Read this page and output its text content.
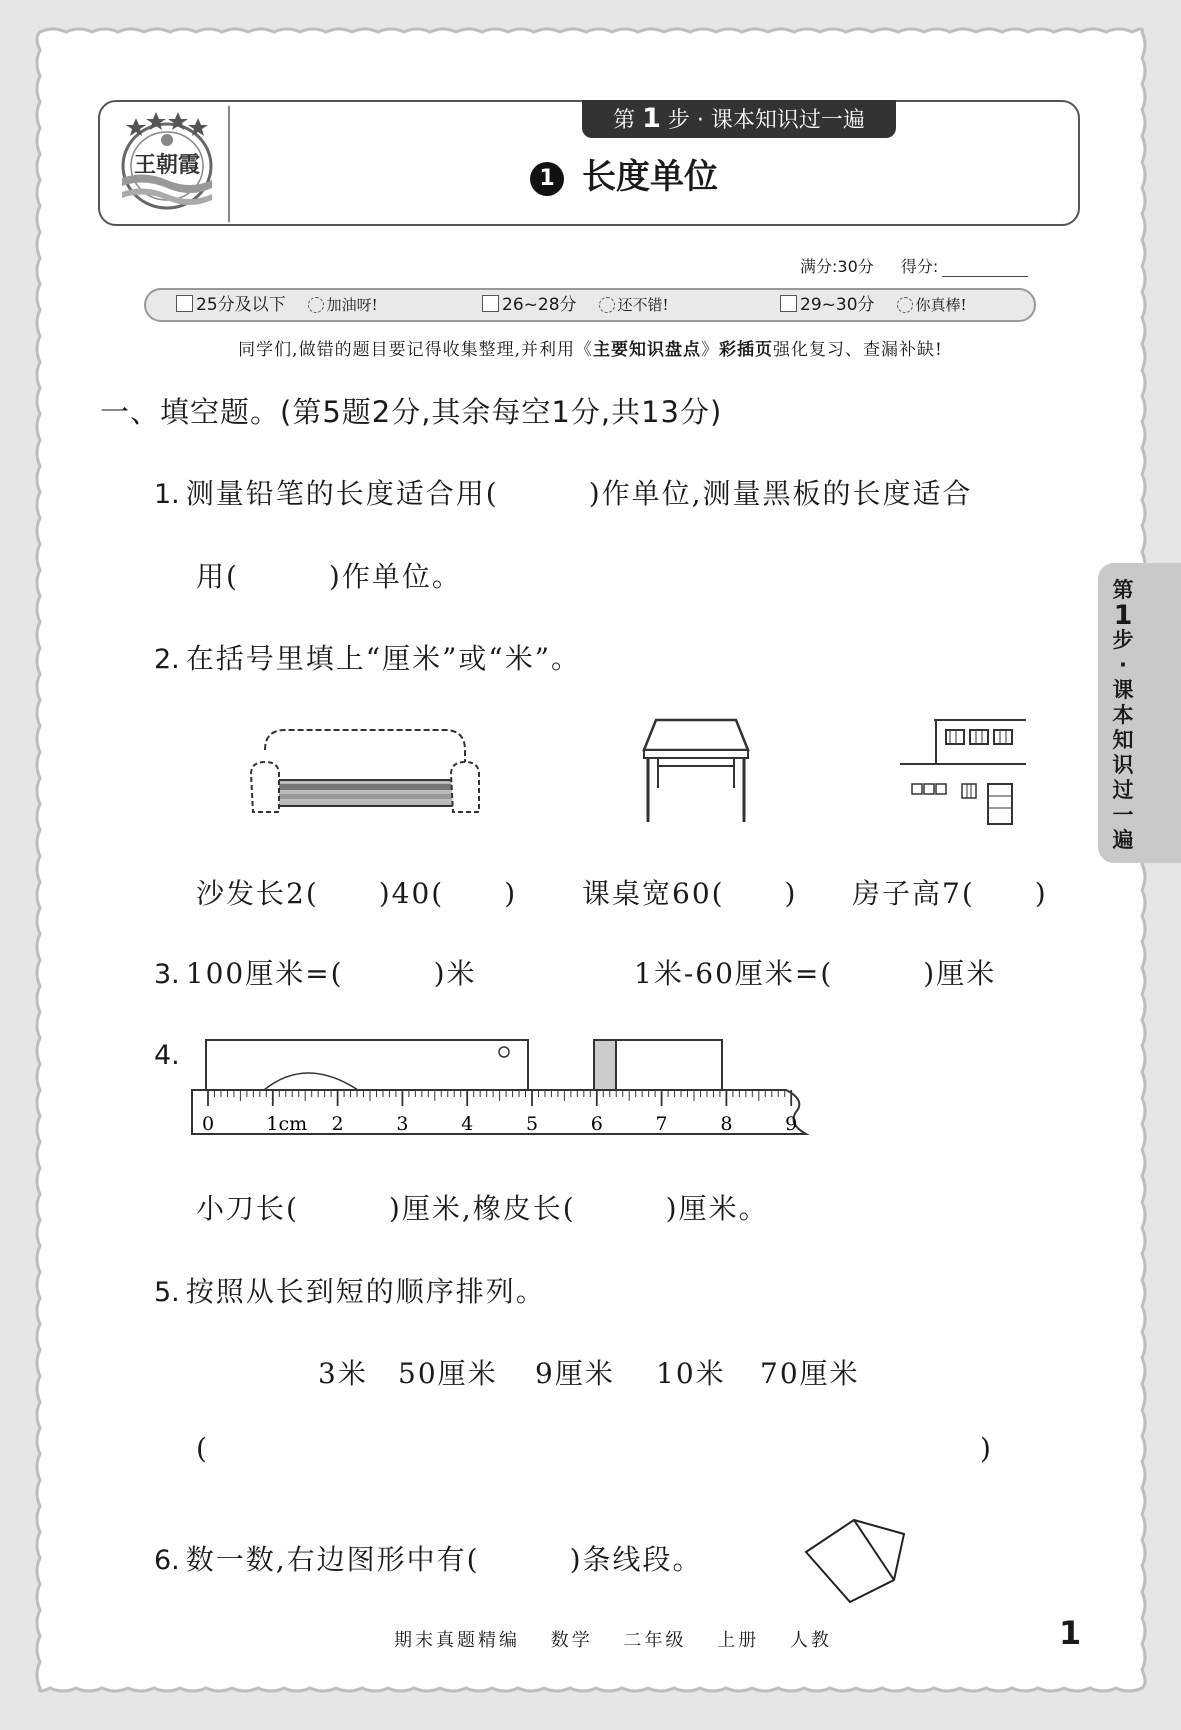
王朝霞
第 1 步 · 课本知识过一遍
1 长度单位
满分:30分 得分:
25分及以下	加油呀!	26~28分	还不错!	29~30分	你真棒!
同学们,做错的题目要记得收集整理,并利用《主要知识盘点》彩插页强化复习、查漏补缺!
一、填空题。(第5题2分,其余每空1分,共13分)
1. 测量铅笔的长度适合用(　　　)作单位,测量黑板的长度适合
用(　　　)作单位。
2. 在括号里填上“厘米”或“米”。
沙发长2(　　)40(　　) 课桌宽60(　　) 房子高7(　　)
3. 100厘米=(　　　)米	1米-60厘米=(　　　)厘米
4.
0	1cm 2	3	4	5	6	7	8	9
小刀长(　　　)厘米,橡皮长(　　　)厘米。
5. 按照从长到短的顺序排列。
3米 50厘米 9厘米 10米 70厘米
(	)
6. 数一数,右边图形中有(　　　)条线段。
第
1
步
·
课
本
知
识
过
一
遍
期末真题精编 数学 二年级 上册 人教	1
